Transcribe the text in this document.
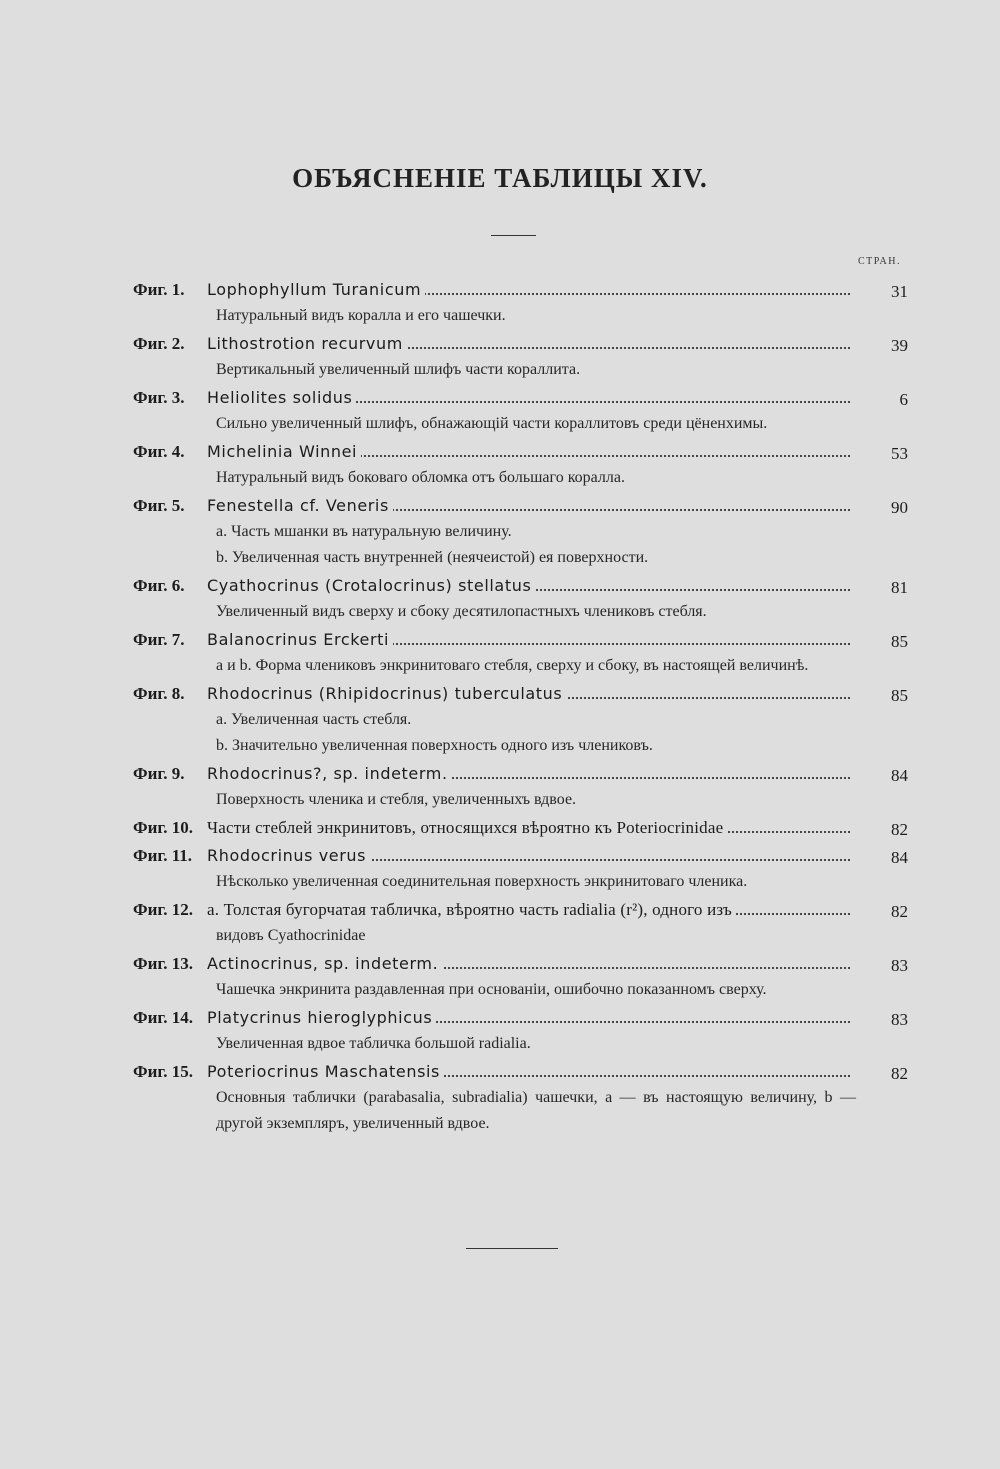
ОБЪЯСНЕНІЕ ТАБЛИЦЫ XIV.
СТРАН.
Фиг. 1. Lophophyllum Turanicum	31
Натуральный видъ коралла и его чашечки.
Фиг. 2. Lithostrotion recurvum	39
Вертикальный увеличенный шлифъ части кораллита.
Фиг. 3. Heliolites solidus	6
Сильно увеличенный шлифъ, обнажающій части кораллитовъ среди цёненхимы.
Фиг. 4. Michelinia Winnei	53
Натуральный видъ боковаго обломка отъ большаго коралла.
Фиг. 5. Fenestella cf. Veneris	90
a. Часть мшанки въ натуральную величину.
b. Увеличенная часть внутренней (неячеистой) ея поверхности.
Фиг. 6. Cyathocrinus (Crotalocrinus) stellatus	81
Увеличенный видъ сверху и сбоку десятилопастныхъ члениковъ стебля.
Фиг. 7. Balanocrinus Erckerti	85
a и b. Форма члениковъ энкринитоваго стебля, сверху и сбоку, въ настоящей величинѣ.
Фиг. 8. Rhodocrinus (Rhipidocrinus) tuberculatus	85
a. Увеличенная часть стебля.
b. Значительно увеличенная поверхность одного изъ члениковъ.
Фиг. 9. Rhodocrinus?, sp. indeterm.	84
Поверхность членика и стебля, увеличенныхъ вдвое.
Фиг. 10. Части стеблей энкринитовъ, относящихся вѣроятно къ Poteriocrinidae	82
Фиг. 11. Rhodocrinus verus	84
Нѣсколько увеличенная соединительная поверхность энкринитоваго членика.
Фиг. 12. a. Толстая бугорчатая табличка, вѣроятно часть radialia (r²), одного изъ	82
видовъ Cyathocrinidae
Фиг. 13. Actinocrinus, sp. indeterm.	83
Чашечка энкринита раздавленная при основаніи, ошибочно показанномъ сверху.
Фиг. 14. Platycrinus hieroglyphicus	83
Увеличенная вдвое табличка большой radialia.
Фиг. 15. Poteriocrinus Maschatensis	82
Основныя таблички (parabasalia, subradialia) чашечки, a — въ настоящую величину, b — другой экземпляръ, увеличенный вдвое.
